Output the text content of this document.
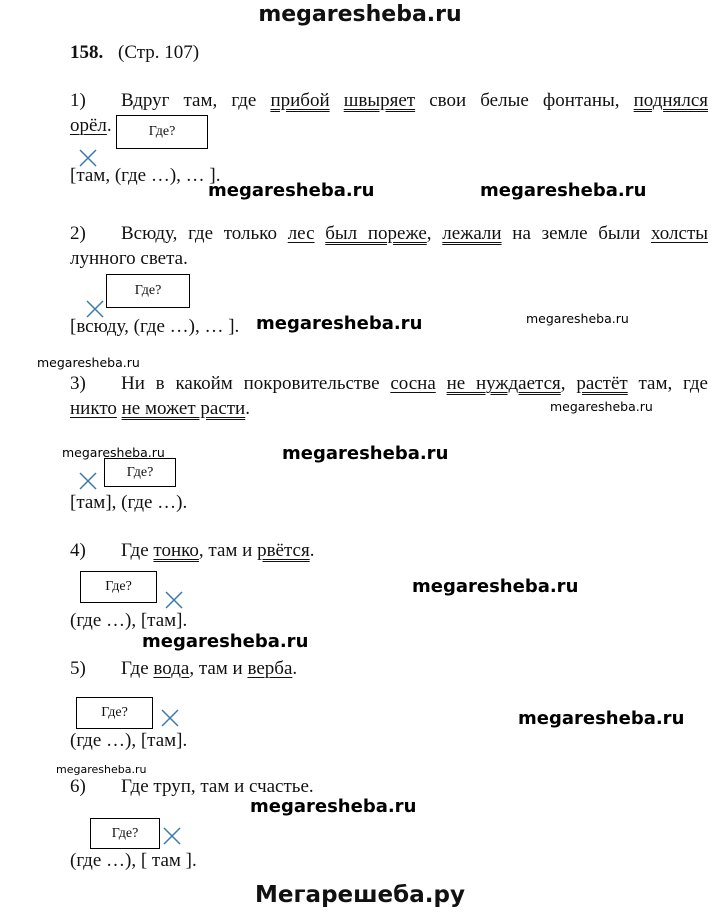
megaresheba.ru
158. (Стр. 107)
1) Вдруг там, где прибой швыряет свои белые фонтаны, поднялся
орёл.	Где?
[там, (где …), … ].
2) Всюду, где только лес был пореже, лежали на земле были холсты
лунного света.
Где?
[всюду, (где …), … ].
3) Ни в какойм покровительстве сосна не нуждается, растёт там, где
никто не может расти.
Где?
[там], (где …).
4) Где тонко, там и рвётся.
Где?
(где …), [там].
5) Где вода, там и верба.
Где?
(где …), [там].
6) Где труп, там и счастье.
Где?
(где …), [ там ].
megaresheba.ru	megaresheba.ru
megaresheba.ru	megaresheba.ru
megaresheba.ru
megaresheba.ru
megaresheba.ru	megaresheba.ru
megaresheba.ru
megaresheba.ru
megaresheba.ru
megaresheba.ru
megaresheba.ru
Мегарешеба.ру
